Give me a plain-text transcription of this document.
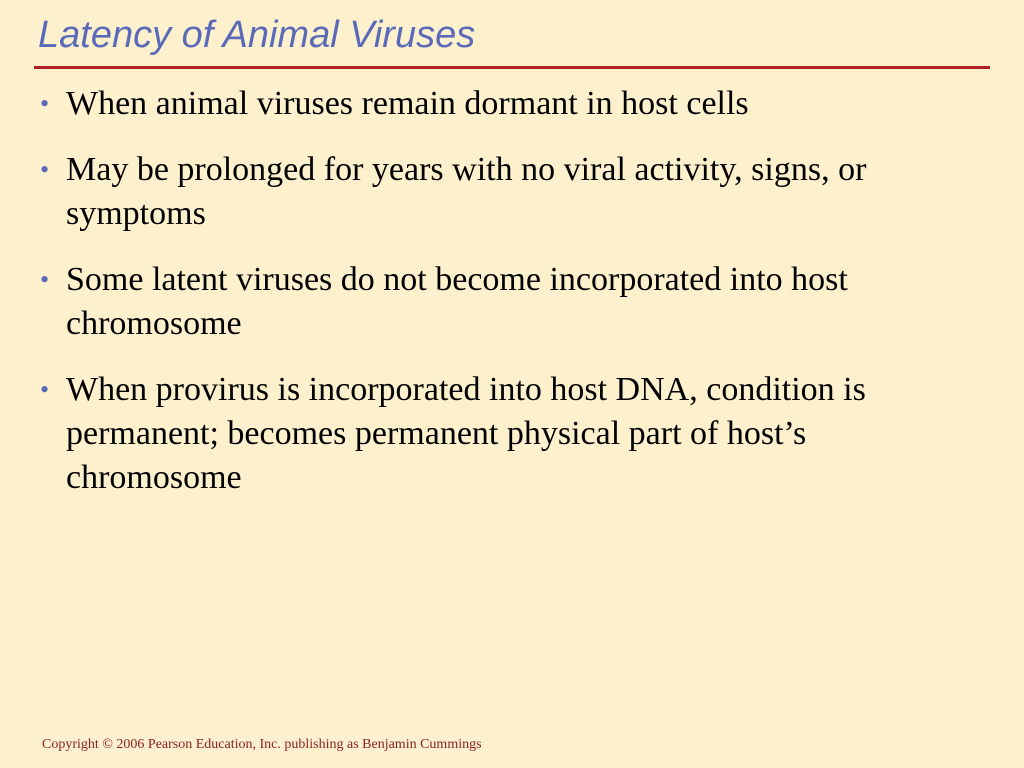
Latency of Animal Viruses
• When animal viruses remain dormant in host cells
• May be prolonged for years with no viral activity, signs, or symptoms
• Some latent viruses do not become incorporated into host chromosome
• When provirus is incorporated into host DNA, condition is permanent; becomes permanent physical part of host’s chromosome

Copyright © 2006 Pearson Education, Inc. publishing as Benjamin Cummings
